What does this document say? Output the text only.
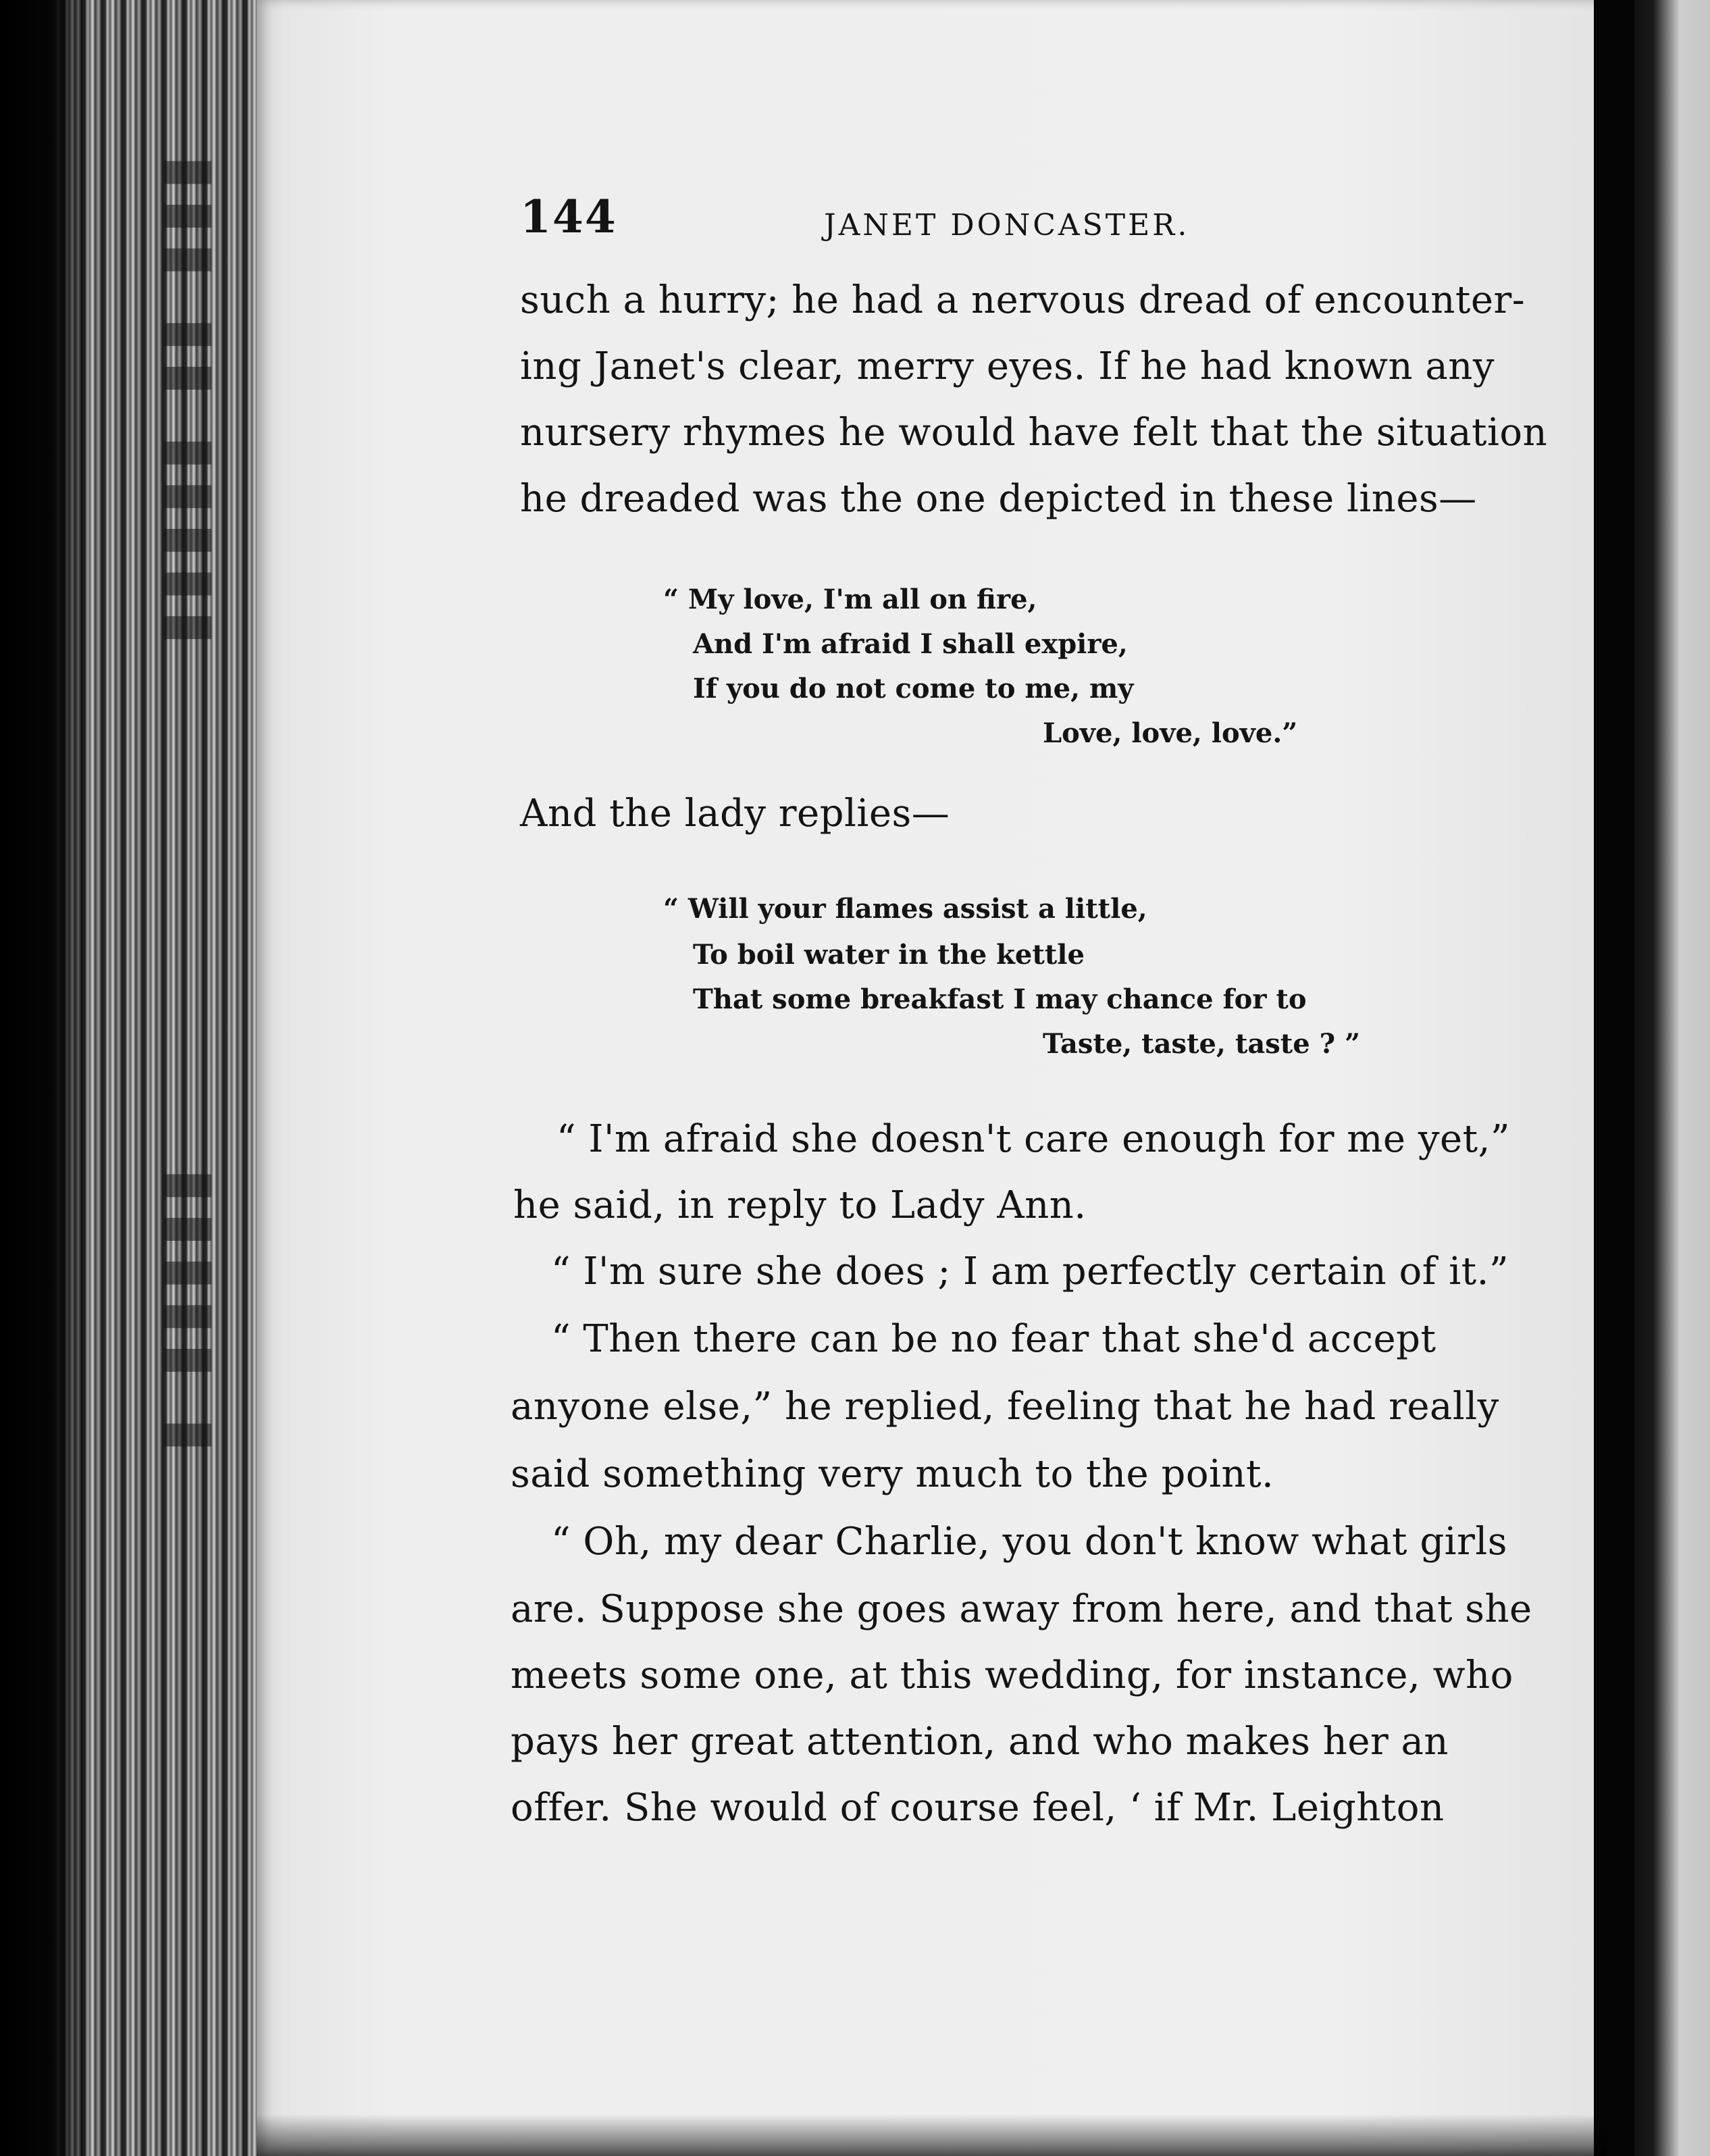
▮▮▮ ▮▮ ▮▮▮▮▮
▮▮▮▮▮ ▮

144	JANET DONCASTER.

such a hurry; he had a nervous dread of encounter-

ing Janet's clear, merry eyes. If he had known any

nursery rhymes he would have felt that the situation

he dreaded was the one depicted in these lines—

“ My love, I'm all on fire,

And I'm afraid I shall expire,

If you do not come to me, my

Love, love, love.”

And the lady replies—

“ Will your flames assist a little,

To boil water in the kettle

That some breakfast I may chance for to

Taste, taste, taste ? ”

“ I'm afraid she doesn't care enough for me yet,”

he said, in reply to Lady Ann.

“ I'm sure she does ; I am perfectly certain of it.”

“ Then there can be no fear that she'd accept

anyone else,” he replied, feeling that he had really

said something very much to the point.

“ Oh, my dear Charlie, you don't know what girls

are. Suppose she goes away from here, and that she

meets some one, at this wedding, for instance, who

pays her great attention, and who makes her an

offer. She would of course feel, ‘ if Mr. Leighton
